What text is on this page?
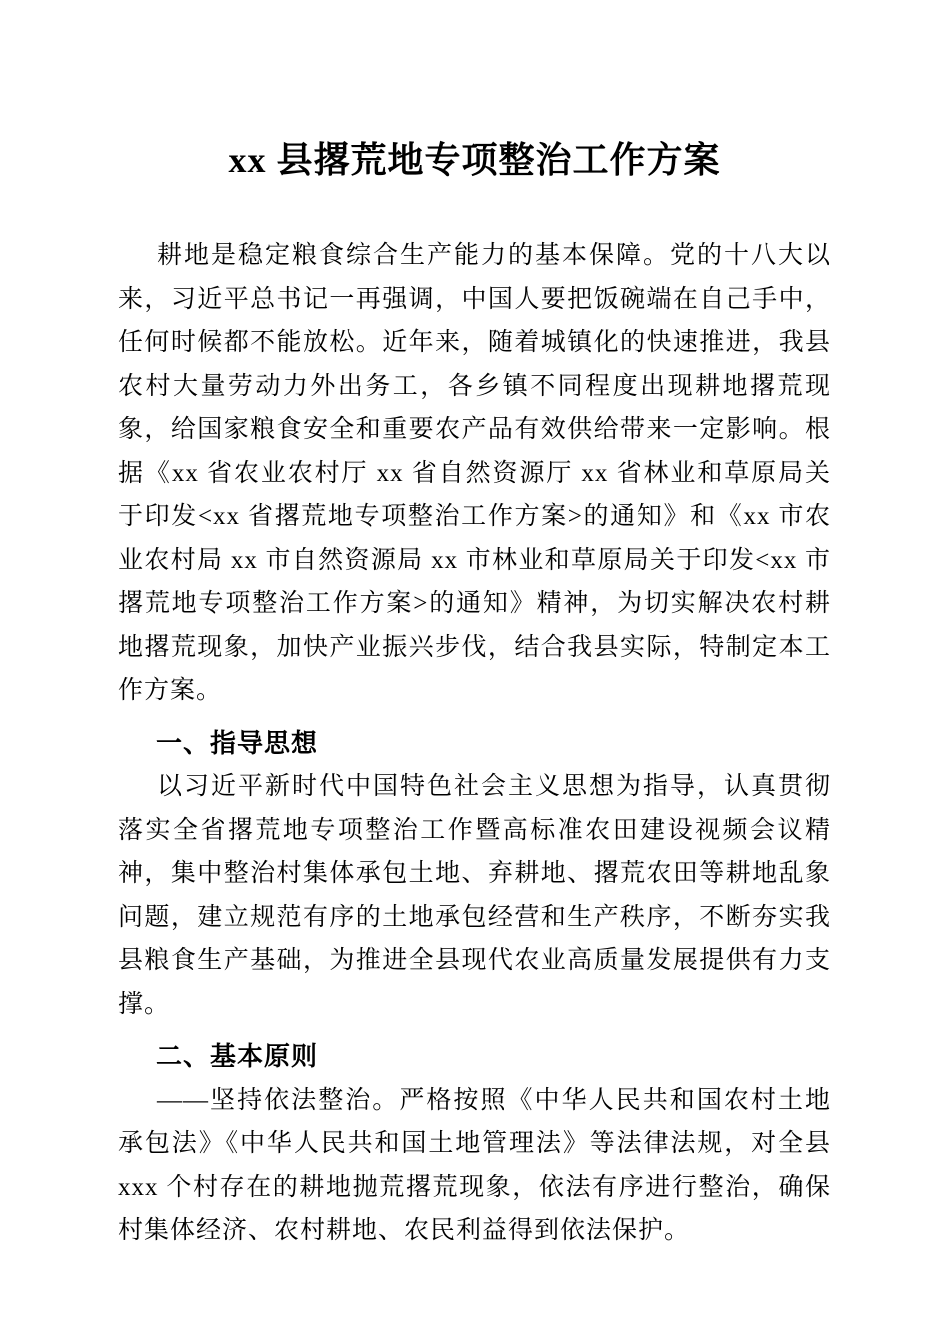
xx 县撂荒地专项整治工作方案

耕地是稳定粮食综合生产能力的基本保障。党的十八大以来，习近平总书记一再强调，中国人要把饭碗端在自己手中，任何时候都不能放松。近年来，随着城镇化的快速推进，我县农村大量劳动力外出务工，各乡镇不同程度出现耕地撂荒现象，给国家粮食安全和重要农产品有效供给带来一定影响。根据《xx 省农业农村厅 xx 省自然资源厅 xx 省林业和草原局关于印发<xx 省撂荒地专项整治工作方案>的通知》和《xx 市农业农村局 xx 市自然资源局 xx 市林业和草原局关于印发<xx 市撂荒地专项整治工作方案>的通知》精神，为切实解决农村耕地撂荒现象，加快产业振兴步伐，结合我县实际，特制定本工作方案。

一、指导思想

以习近平新时代中国特色社会主义思想为指导，认真贯彻落实全省撂荒地专项整治工作暨高标准农田建设视频会议精神，集中整治村集体承包土地、弃耕地、撂荒农田等耕地乱象问题，建立规范有序的土地承包经营和生产秩序，不断夯实我县粮食生产基础，为推进全县现代农业高质量发展提供有力支撑。

二、基本原则

——坚持依法整治。严格按照《中华人民共和国农村土地承包法》《中华人民共和国土地管理法》等法律法规，对全县 xxx 个村存在的耕地抛荒撂荒现象，依法有序进行整治，确保村集体经济、农村耕地、农民利益得到依法保护。
